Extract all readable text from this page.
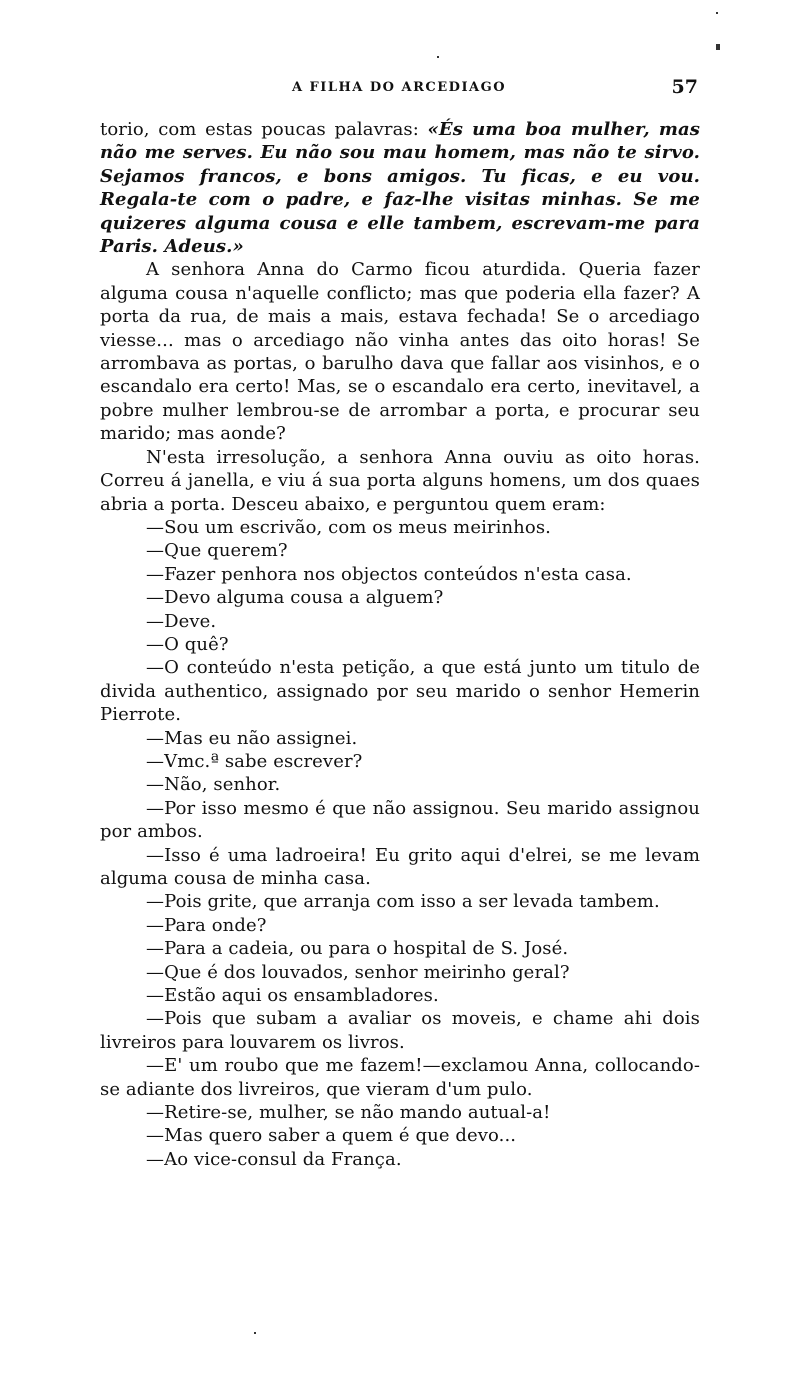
A FILHA DO ARCEDIAGO	57

torio, com estas poucas palavras: «És uma boa mulher, mas não me serves. Eu não sou mau homem, mas não te sirvo. Sejamos francos, e bons amigos. Tu ficas, e eu vou. Regala-te com o padre, e faz-lhe visitas minhas. Se me quizeres alguma cousa e elle tambem, escrevam-me para Paris. Adeus.»

A senhora Anna do Carmo ficou aturdida. Queria fazer alguma cousa n'aquelle conflicto; mas que poderia ella fazer? A porta da rua, de mais a mais, estava fechada! Se o arcediago viesse... mas o arcediago não vinha antes das oito horas! Se arrombava as portas, o barulho dava que fallar aos visinhos, e o escandalo era certo! Mas, se o escandalo era certo, inevitavel, a pobre mulher lembrou-se de arrombar a porta, e procurar seu marido; mas aonde?

N'esta irresolução, a senhora Anna ouviu as oito horas. Correu á janella, e viu á sua porta alguns homens, um dos quaes abria a porta. Desceu abaixo, e perguntou quem eram:

—Sou um escrivão, com os meus meirinhos.

—Que querem?

—Fazer penhora nos objectos conteúdos n'esta casa.

—Devo alguma cousa a alguem?

—Deve.

—O quê?

—O conteúdo n'esta petição, a que está junto um titulo de divida authentico, assignado por seu marido o senhor Hemerin Pierrote.

—Mas eu não assignei.

—Vmc.ª sabe escrever?

—Não, senhor.

—Por isso mesmo é que não assignou. Seu marido assignou por ambos.

—Isso é uma ladroeira! Eu grito aqui d'elrei, se me levam alguma cousa de minha casa.

—Pois grite, que arranja com isso a ser levada tambem.

—Para onde?

—Para a cadeia, ou para o hospital de S. José.

—Que é dos louvados, senhor meirinho geral?

—Estão aqui os ensambladores.

—Pois que subam a avaliar os moveis, e chame ahi dois livreiros para louvarem os livros.

—E' um roubo que me fazem!—exclamou Anna, collocando-se adiante dos livreiros, que vieram d'um pulo.

—Retire-se, mulher, se não mando autual-a!

—Mas quero saber a quem é que devo...

—Ao vice-consul da França.
